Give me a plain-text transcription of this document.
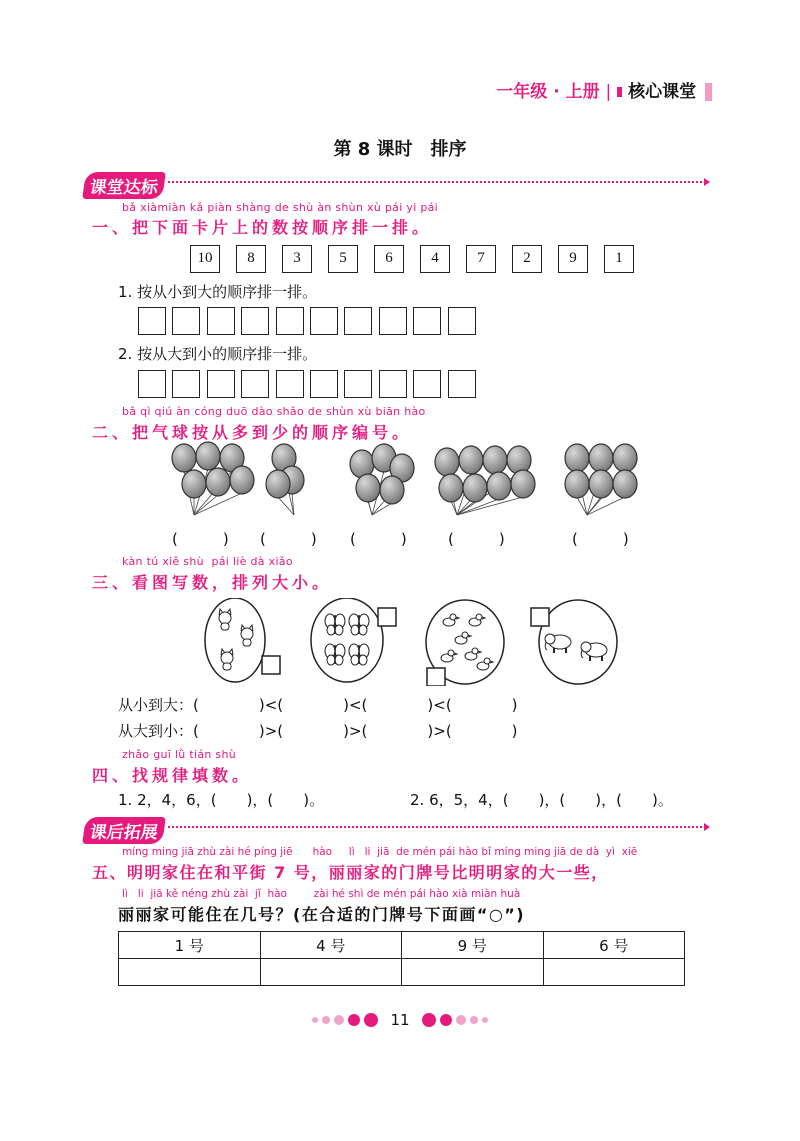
一年级 · 上册 | 核心课堂
第 8 课时　排序
课堂达标
bǎ xiàmiàn kǎ piàn shàng de shù àn shùn xù pái yi pái
一、把下面卡片上的数按顺序排一排。
10	8	3	5	6	4	7	2	9	1
1. 按从小到大的顺序排一排。
2. 按从大到小的顺序排一排。
bǎ qì qiú àn cóng duō dào shǎo de shùn xù biān hào
二、把气球按从多到少的顺序编号。
(　　　) (　　　) (　　　)	(　　　)	(　　　)
kàn tú xiě shù  pái liè dà xiǎo
三、看图写数，排列大小。
从小到大：(　　　　)<(　　　　)<(　　　　)<(　　　　)
从大到小：(　　　　)>(　　　　)>(　　　　)>(　　　　)
zhǎo guī lǜ tián shù
四、找规律填数。
1. 2，4，6，(　　)，(　　)。	2. 6，5，4，(　　)，(　　)，(　　)。
课后拓展
míng ming jiā zhù zài hé píng jiē      hào     lì   li  jiā  de mén pái hào bǐ míng ming jiā de dà  yì  xiē
五、明明家住在和平街 7 号，丽丽家的门牌号比明明家的大一些，
lì   li  jiā kě néng zhù zài  jǐ  hào        zài hé shì de mén pái hào xià miàn huà
丽丽家可能住在几号？(在合适的门牌号下面画“○”)
1 号	4 号	9 号	6 号

11
